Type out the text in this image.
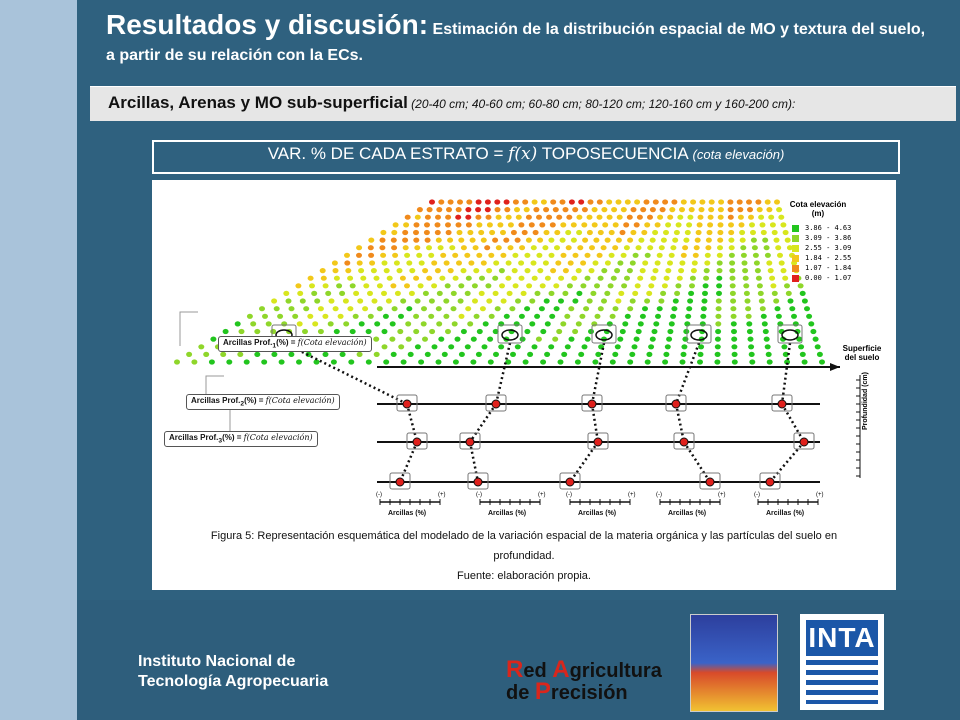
Resultados y discusión: Estimación de la distribución espacial de MO y textura del suelo, a partir de su relación con la ECs.
Arcillas, Arenas y MO sub-superficial (20-40 cm; 40-60 cm; 60-80 cm; 80-120 cm; 120-160 cm y 160-200 cm):
VAR. % DE CADA ESTRATO = f(x) TOPOSECUENCIA (cota elevación)
(-)	(+)	(-)	(+)	(-)	(+)	(-)	(+)	(-)	(+)
Cota elevación (m)
3.86 - 4.63
3.09 - 3.86
2.55 - 3.09
1.84 - 2.55
1.07 - 1.84
0.00 - 1.07
Superficie del suelo
Profundidad (cm)
Arcillas $Prof._1(\%)$ = f(Cota elevación)
Arcillas $Prof._2(\%)$ = f(Cota elevación)
Arcillas $Prof._3(\%)$ = f(Cota elevación)
Arcillas (%)	Arcillas (%)	Arcillas (%)	Arcillas (%)	Arcillas (%)
Figura 5: Representación esquemática del modelado de la variación espacial de la materia orgánica y las partículas del suelo en
profundidad.
Fuente: elaboración propia.
Instituto Nacional de
Tecnología Agropecuaria	Red Agricultura
de Precisión
INTA
